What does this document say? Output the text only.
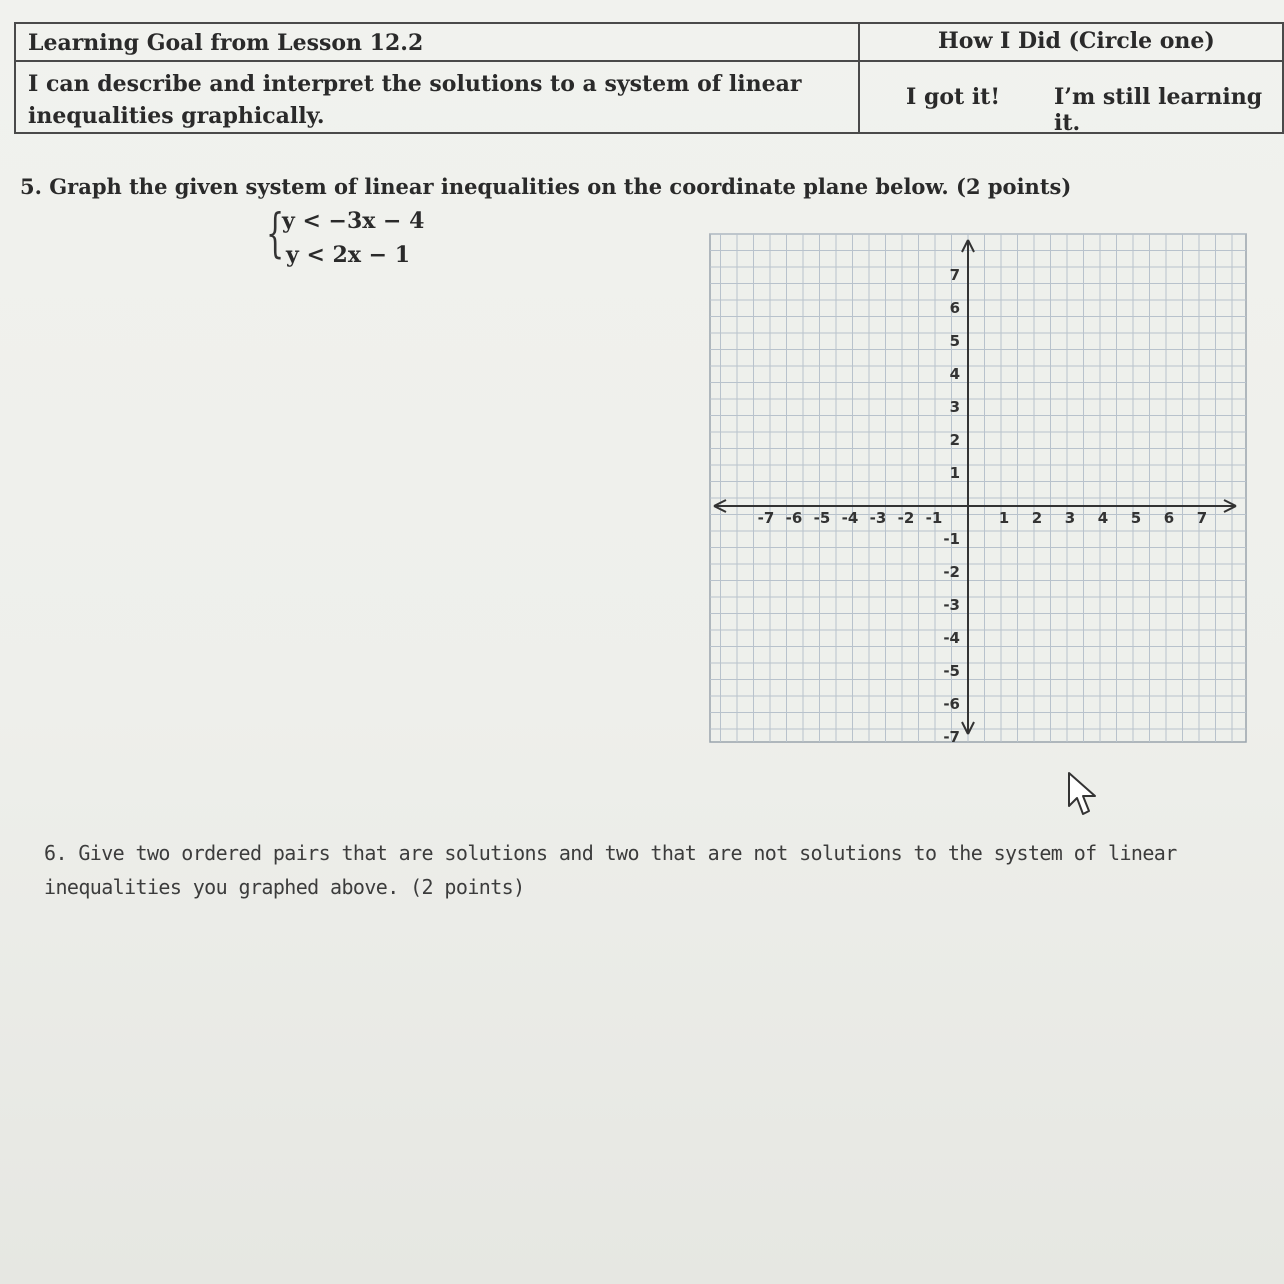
Learning Goal from Lesson 12.2	How I Did (Circle one)
I can describe and interpret the solutions to a system of linear inequalities graphically.
I got it! I’m still learning it.
5. Graph the given system of linear inequalities on the coordinate plane below. (2 points)
{
y < −3x − 4
y < 2x − 1
-7 -6 -5 -4 -3 -2 -1	1 2 3 4 5 6 7
7
6
5
4
3
2
1
-1
-2
-3
-4
-5
-6
-7
6. Give two ordered pairs that are solutions and two that are not solutions to the system of linear inequalities you graphed above. (2 points)
